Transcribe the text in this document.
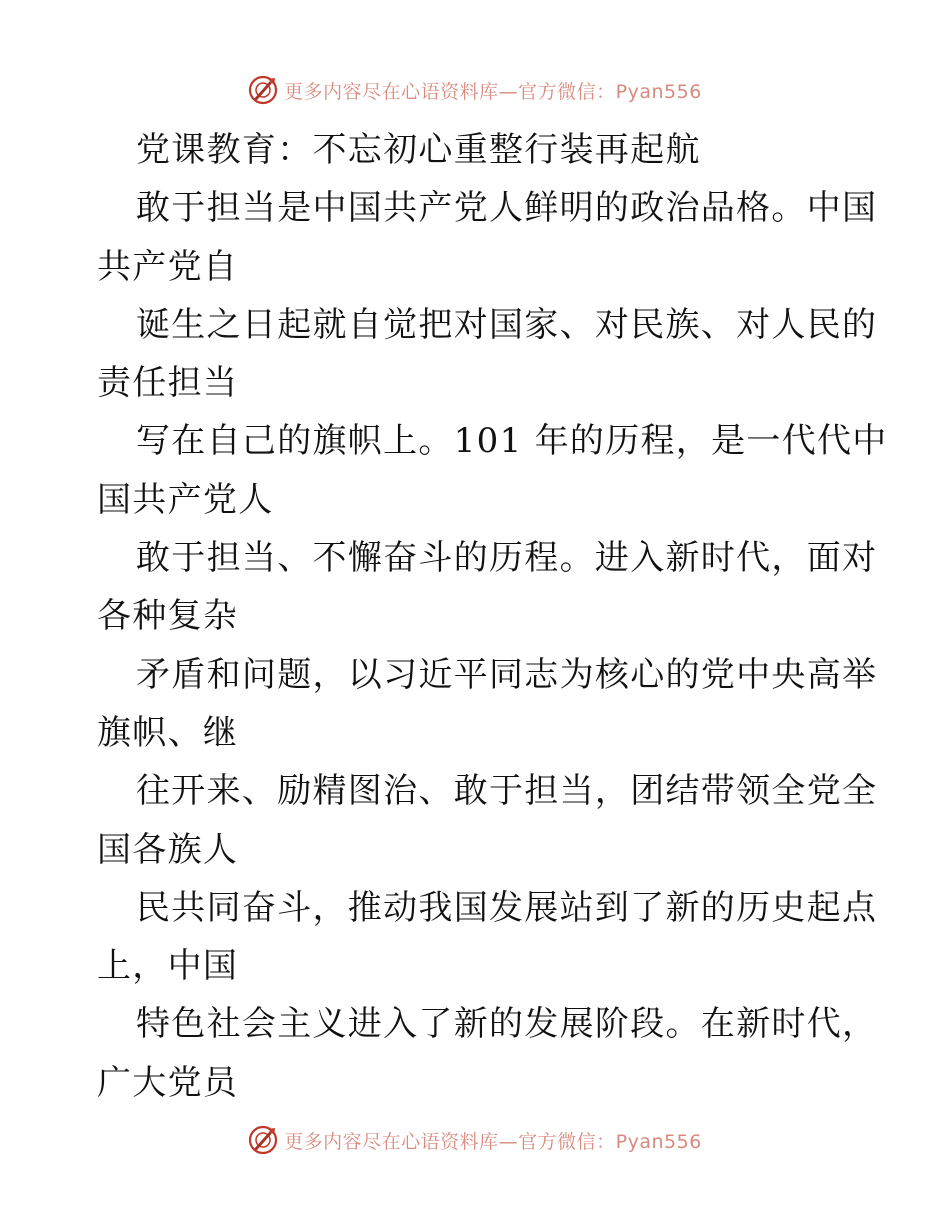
更多内容尽在心语资料库—官方微信：Pyan556
党课教育：不忘初心重整行装再起航
敢于担当是中国共产党人鲜明的政治品格。中国
共产党自
诞生之日起就自觉把对国家、对民族、对人民的
责任担当
写在自己的旗帜上。101 年的历程，是一代代中
国共产党人
敢于担当、不懈奋斗的历程。进入新时代，面对
各种复杂
矛盾和问题，以习近平同志为核心的党中央高举
旗帜、继
往开来、励精图治、敢于担当，团结带领全党全
国各族人
民共同奋斗，推动我国发展站到了新的历史起点
上，中国
特色社会主义进入了新的发展阶段。在新时代，
广大党员
更多内容尽在心语资料库—官方微信：Pyan556
